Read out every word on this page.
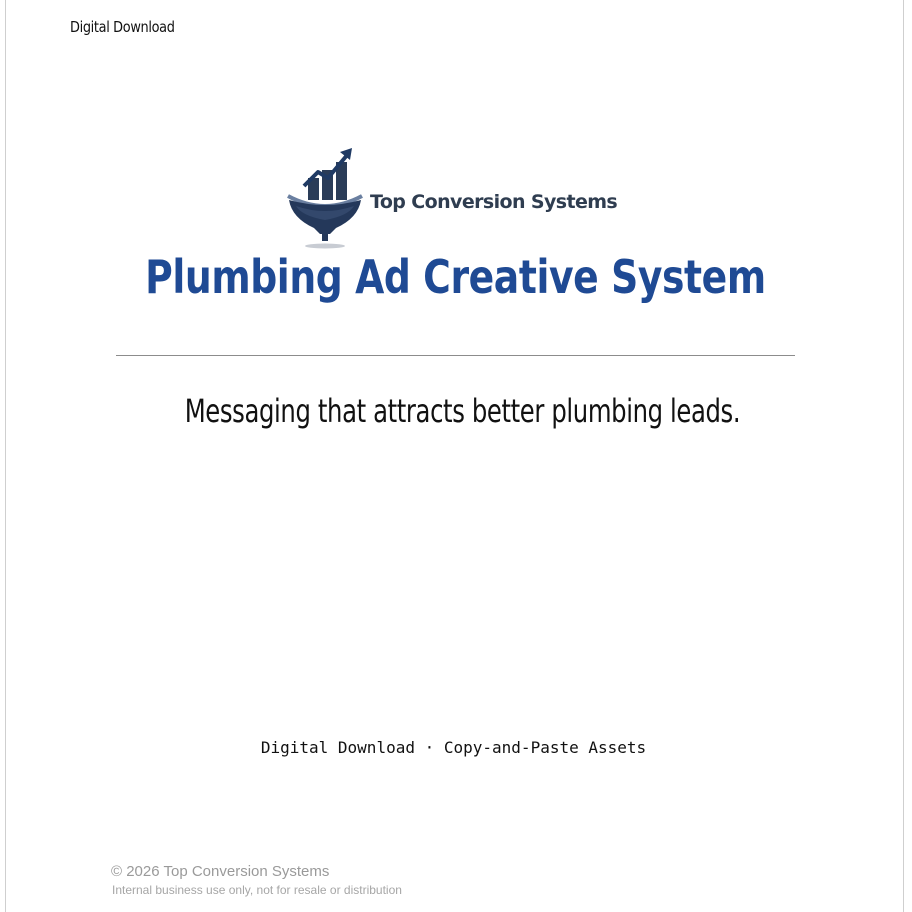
Digital Download
Top Conversion Systems
Plumbing Ad Creative System
Messaging that attracts better plumbing leads.
Digital Download · Copy-and-Paste Assets
© 2026 Top Conversion Systems
Internal business use only, not for resale or distribution
